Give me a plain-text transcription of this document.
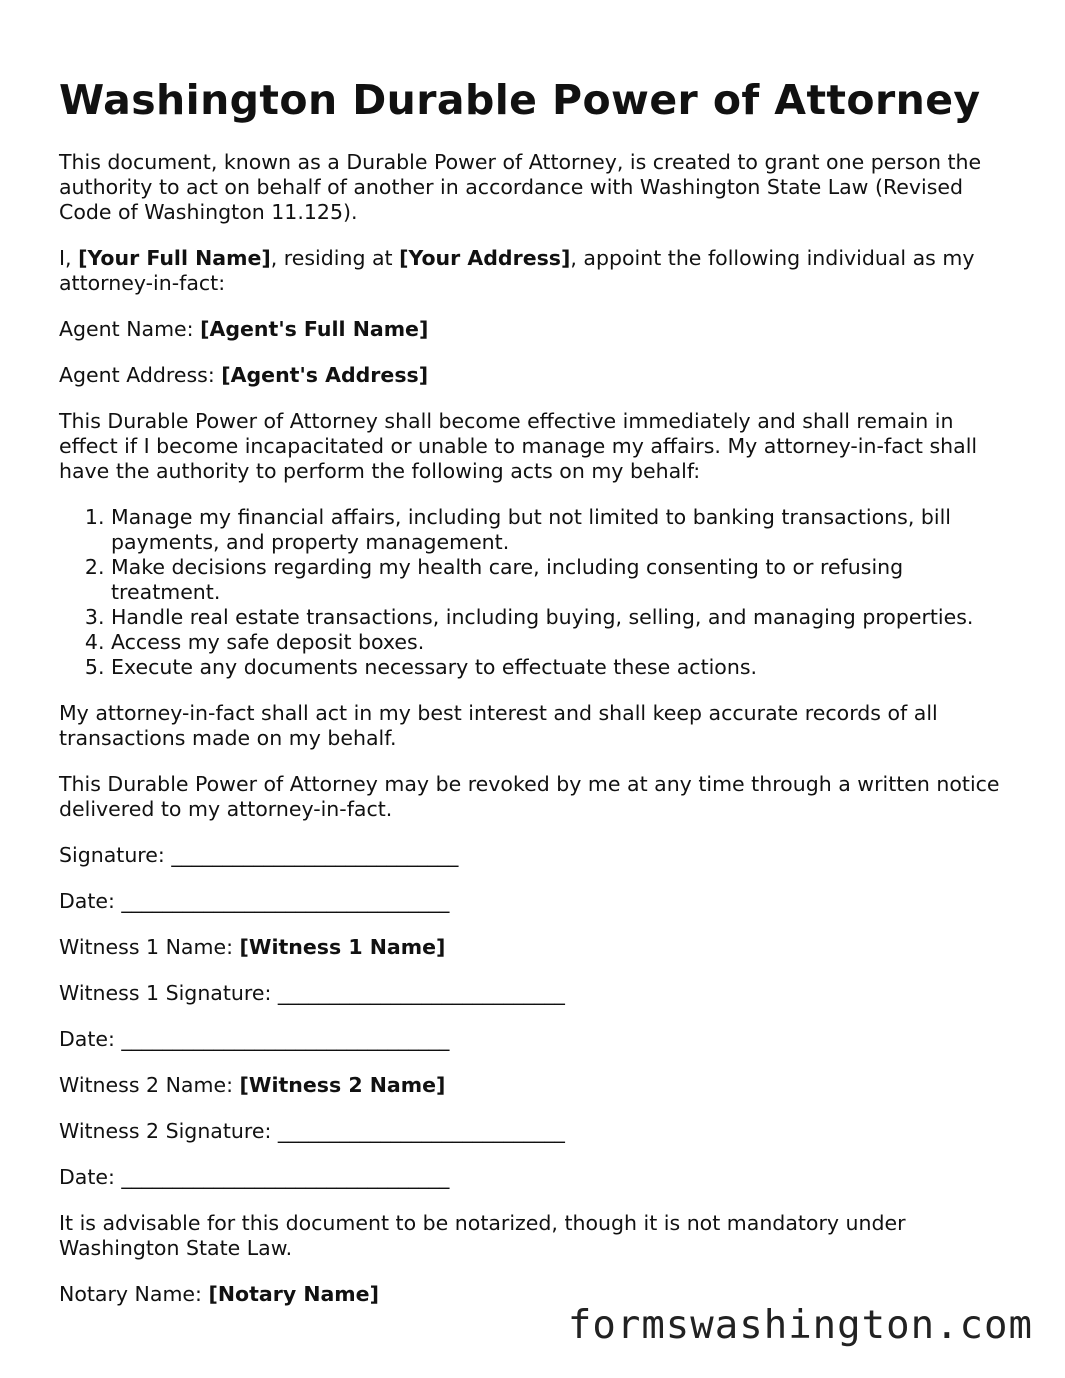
Washington Durable Power of Attorney

This document, known as a Durable Power of Attorney, is created to grant one person the authority to act on behalf of another in accordance with Washington State Law (Revised Code of Washington 11.125).

I, [Your Full Name], residing at [Your Address], appoint the following individual as my attorney-in-fact:

Agent Name: [Agent's Full Name]

Agent Address: [Agent's Address]

This Durable Power of Attorney shall become effective immediately and shall remain in effect if I become incapacitated or unable to manage my affairs. My attorney-in-fact shall have the authority to perform the following acts on my behalf:

1. Manage my financial affairs, including but not limited to banking transactions, bill payments, and property management.
2. Make decisions regarding my health care, including consenting to or refusing treatment.
3. Handle real estate transactions, including buying, selling, and managing properties.
4. Access my safe deposit boxes.
5. Execute any documents necessary to effectuate these actions.

My attorney-in-fact shall act in my best interest and shall keep accurate records of all transactions made on my behalf.

This Durable Power of Attorney may be revoked by me at any time through a written notice delivered to my attorney-in-fact.

Signature: ____________________________

Date: ________________________________

Witness 1 Name: [Witness 1 Name]

Witness 1 Signature: ____________________________

Date: ________________________________

Witness 2 Name: [Witness 2 Name]

Witness 2 Signature: ____________________________

Date: ________________________________

It is advisable for this document to be notarized, though it is not mandatory under Washington State Law.

Notary Name: [Notary Name]

formswashington.com
